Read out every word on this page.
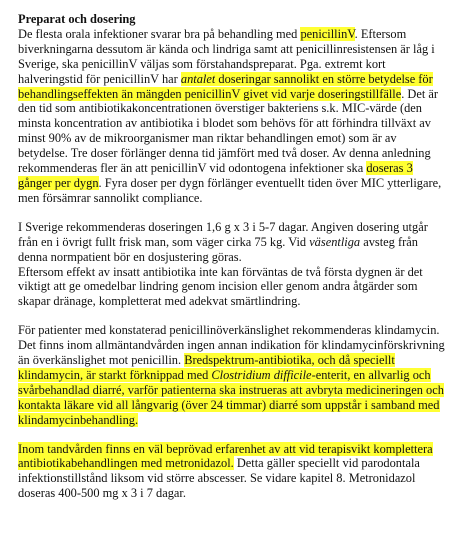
Preparat och dosering

De flesta orala infektioner svarar bra på behandling med penicillinV. Eftersom biverkningarna dessutom är kända och lindriga samt att penicillinresistensen är låg i Sverige, ska penicillinV väljas som förstahandspreparat. Pga. extremt kort halveringstid för penicillinV har antalet doseringar sannolikt en större betydelse för behandlingseffekten än mängden penicillinV givet vid varje doseringstillfälle. Det är den tid som antibiotikakoncentrationen överstiger bakteriens s.k. MIC-värde (den minsta koncentration av antibiotika i blodet som behövs för att förhindra tillväxt av minst 90% av de mikroorganismer man riktar behandlingen emot) som är av betydelse. Tre doser förlänger denna tid jämfört med två doser. Av denna anledning rekommenderas fler än att penicillinV vid odontogena infektioner ska doseras 3 gånger per dygn. Fyra doser per dygn förlänger eventuellt tiden över MIC ytterligare, men försämrar sannolikt compliance.

I Sverige rekommenderas doseringen 1,6 g x 3 i 5-7 dagar. Angiven dosering utgår från en i övrigt fullt frisk man, som väger cirka 75 kg. Vid väsentliga avsteg från denna normpatient bör en dosjustering göras.

Eftersom effekt av insatt antibiotika inte kan förväntas de två första dygnen är det viktigt att ge omedelbar lindring genom incision eller genom andra åtgärder som skapar dränage, kompletterat med adekvat smärtlindring.

För patienter med konstaterad penicillinöverkänslighet rekommenderas klindamycin. Det finns inom allmäntandvården ingen annan indikation för klindamycinförskrivning än överkänslighet mot penicillin. Bredspektrum-antibiotika, och då speciellt klindamycin, är starkt förknippad med Clostridium difficile-enterit, en allvarlig och svårbehandlad diarré, varför patienterna ska instrueras att avbryta medicineringen och kontakta läkare vid all långvarig (över 24 timmar) diarré som uppstår i samband med klindamycinbehandling.

Inom tandvården finns en väl beprövad erfarenhet av att vid terapisvikt komplettera antibiotikabehandlingen med metronidazol. Detta gäller speciellt vid parodontala infektionstillstånd liksom vid större abscesser. Se vidare kapitel 8. Metronidazol doseras 400-500 mg x 3 i 7 dagar.
